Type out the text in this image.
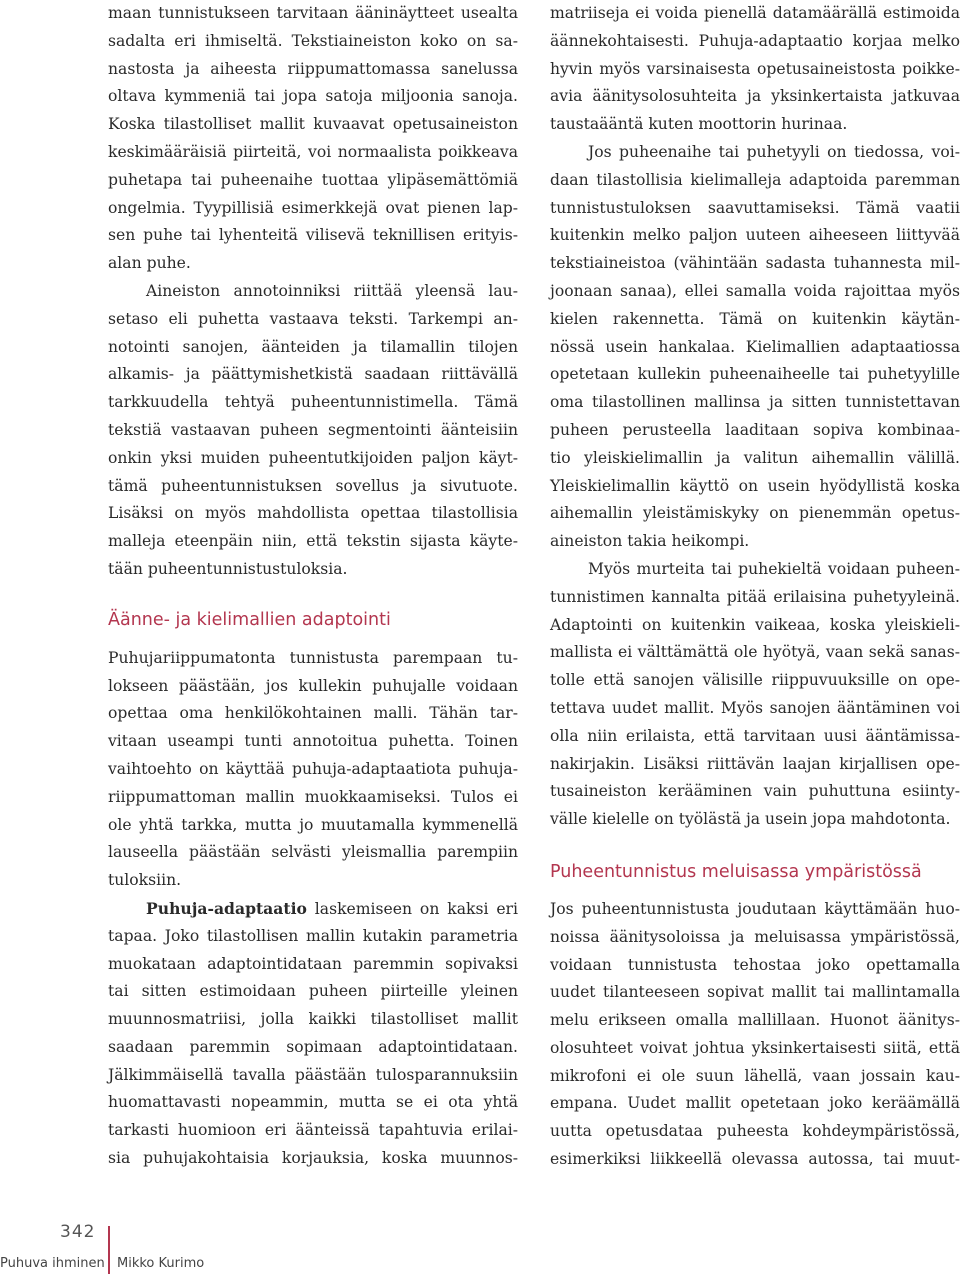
maan tunnistukseen tarvitaan ääninäytteet usealta
sadalta eri ihmiseltä. Tekstiaineiston koko on sa-
nastosta ja aiheesta riippumattomassa sanelussa
oltava kymmeniä tai jopa satoja miljoonia sanoja.
Koska tilastolliset mallit kuvaavat opetusaineiston
keskimääräisiä piirteitä, voi normaalista poikkeava
puhetapa tai puheenaihe tuottaa ylipäsemättömiä
ongelmia. Tyypillisiä esimerkkejä ovat pienen lap-
sen puhe tai lyhenteitä vilisevä teknillisen erityis-
alan puhe.
Aineiston annotoinniksi riittää yleensä lau-
setaso eli puhetta vastaava teksti. Tarkempi an-
notointi sanojen, äänteiden ja tilamallin tilojen
alkamis- ja päättymishetkistä saadaan riittävällä
tarkkuudella tehtyä puheentunnistimella. Tämä
tekstiä vastaavan puheen segmentointi äänteisiin
onkin yksi muiden puheentutkijoiden paljon käyt-
tämä puheentunnistuksen sovellus ja sivutuote.
Lisäksi on myös mahdollista opettaa tilastollisia
malleja eteenpäin niin, että tekstin sijasta käyte-
tään puheentunnistustuloksia.
Äänne- ja kielimallien adaptointi
Puhujariippumatonta tunnistusta parempaan tu-
lokseen päästään, jos kullekin puhujalle voidaan
opettaa oma henkilökohtainen malli. Tähän tar-
vitaan useampi tunti annotoitua puhetta. Toinen
vaihtoehto on käyttää puhuja-adaptaatiota puhuja-
riippumattoman mallin muokkaamiseksi. Tulos ei
ole yhtä tarkka, mutta jo muutamalla kymmenellä
lauseella päästään selvästi yleismallia parempiin
tuloksiin.
Puhuja-adaptaatio laskemiseen on kaksi eri
tapaa. Joko tilastollisen mallin kutakin parametria
muokataan adaptointidataan paremmin sopivaksi
tai sitten estimoidaan puheen piirteille yleinen
muunnosmatriisi, jolla kaikki tilastolliset mallit
saadaan paremmin sopimaan adaptointidataan.
Jälkimmäisellä tavalla päästään tulosparannuksiin
huomattavasti nopeammin, mutta se ei ota yhtä
tarkasti huomioon eri äänteissä tapahtuvia erilai-
sia puhujakohtaisia korjauksia, koska muunnos-
matriiseja ei voida pienellä datamäärällä estimoida
äännekohtaisesti. Puhuja-adaptaatio korjaa melko
hyvin myös varsinaisesta opetusaineistosta poikke-
avia äänitysolosuhteita ja yksinkertaista jatkuvaa
taustaääntä kuten moottorin hurinaa.
Jos puheenaihe tai puhetyyli on tiedossa, voi-
daan tilastollisia kielimalleja adaptoida paremman
tunnistustuloksen saavuttamiseksi. Tämä vaatii
kuitenkin melko paljon uuteen aiheeseen liittyvää
tekstiaineistoa (vähintään sadasta tuhannesta mil-
joonaan sanaa), ellei samalla voida rajoittaa myös
kielen rakennetta. Tämä on kuitenkin käytän-
nössä usein hankalaa. Kielimallien adaptaatiossa
opetetaan kullekin puheenaiheelle tai puhetyylille
oma tilastollinen mallinsa ja sitten tunnistettavan
puheen perusteella laaditaan sopiva kombinaa-
tio yleiskielimallin ja valitun aihemallin välillä.
Yleiskielimallin käyttö on usein hyödyllistä koska
aihemallin yleistämiskyky on pienemmän opetus-
aineiston takia heikompi.
Myös murteita tai puhekieltä voidaan puheen-
tunnistimen kannalta pitää erilaisina puhetyyleinä.
Adaptointi on kuitenkin vaikeaa, koska yleiskieli-
mallista ei välttämättä ole hyötyä, vaan sekä sanas-
tolle että sanojen välisille riippuvuuksille on ope-
tettava uudet mallit. Myös sanojen ääntäminen voi
olla niin erilaista, että tarvitaan uusi ääntämissa-
nakirjakin. Lisäksi riittävän laajan kirjallisen ope-
tusaineiston kerääminen vain puhuttuna esiinty-
välle kielelle on työlästä ja usein jopa mahdotonta.
Puheentunnistus meluisassa ympäristössä
Jos puheentunnistusta joudutaan käyttämään huo-
noissa äänitysoloissa ja meluisassa ympäristössä,
voidaan tunnistusta tehostaa joko opettamalla
uudet tilanteeseen sopivat mallit tai mallintamalla
melu erikseen omalla mallillaan. Huonot äänitys-
olosuhteet voivat johtua yksinkertaisesti siitä, että
mikrofoni ei ole suun lähellä, vaan jossain kau-
empana. Uudet mallit opetetaan joko keräämällä
uutta opetusdataa puheesta kohdeympäristössä,
esimerkiksi liikkeellä olevassa autossa, tai muut-
342
Puhuva ihminen Mikko Kurimo
